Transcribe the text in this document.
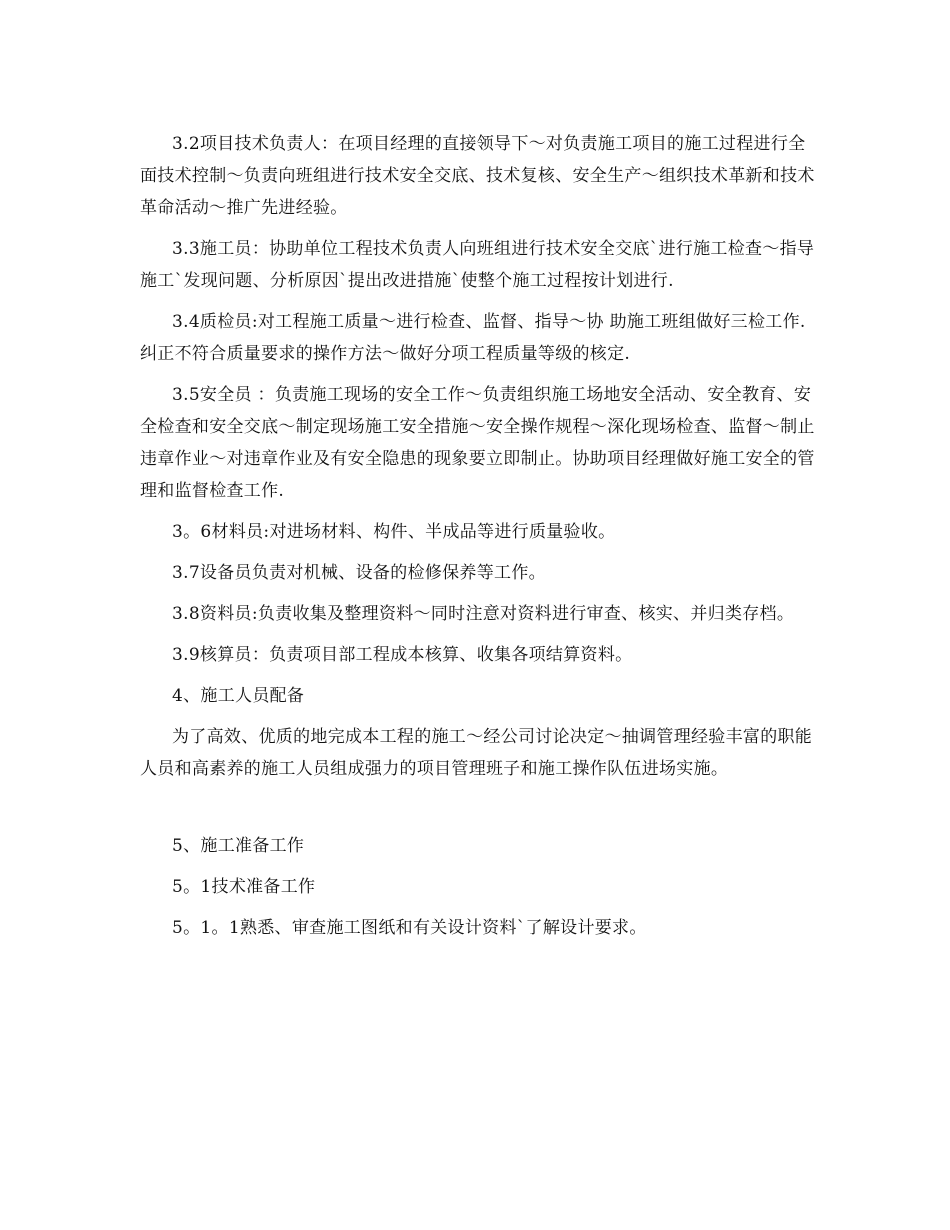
3.2项目技术负责人：在项目经理的直接领导下～对负责施工项目的施工过程进行全面技术控制～负责向班组进行技术安全交底、技术复核、安全生产～组织技术革新和技术革命活动～推广先进经验。

3.3施工员：协助单位工程技术负责人向班组进行技术安全交底`进行施工检查～指导施工`发现问题、分析原因`提出改进措施`使整个施工过程按计划进行.

3.4质检员:对工程施工质量～进行检查、监督、指导～协 助施工班组做好三检工作.纠正不符合质量要求的操作方法～做好分项工程质量等级的核定.

3.5安全员 ：负责施工现场的安全工作～负责组织施工场地安全活动、安全教育、安全检查和安全交底～制定现场施工安全措施～安全操作规程～深化现场检查、监督～制止违章作业～对违章作业及有安全隐患的现象要立即制止。协助项目经理做好施工安全的管理和监督检查工作.

3。6材料员:对进场材料、构件、半成品等进行质量验收。

3.7设备员负责对机械、设备的检修保养等工作。

3.8资料员:负责收集及整理资料～同时注意对资料进行审查、核实、并归类存档。

3.9核算员：负责项目部工程成本核算、收集各项结算资料。

4、施工人员配备

为了高效、优质的地完成本工程的施工～经公司讨论决定～抽调管理经验丰富的职能人员和高素养的施工人员组成强力的项目管理班子和施工操作队伍进场实施。

5、施工准备工作

5。1技术准备工作

5。1。1熟悉、审查施工图纸和有关设计资料`了解设计要求。
